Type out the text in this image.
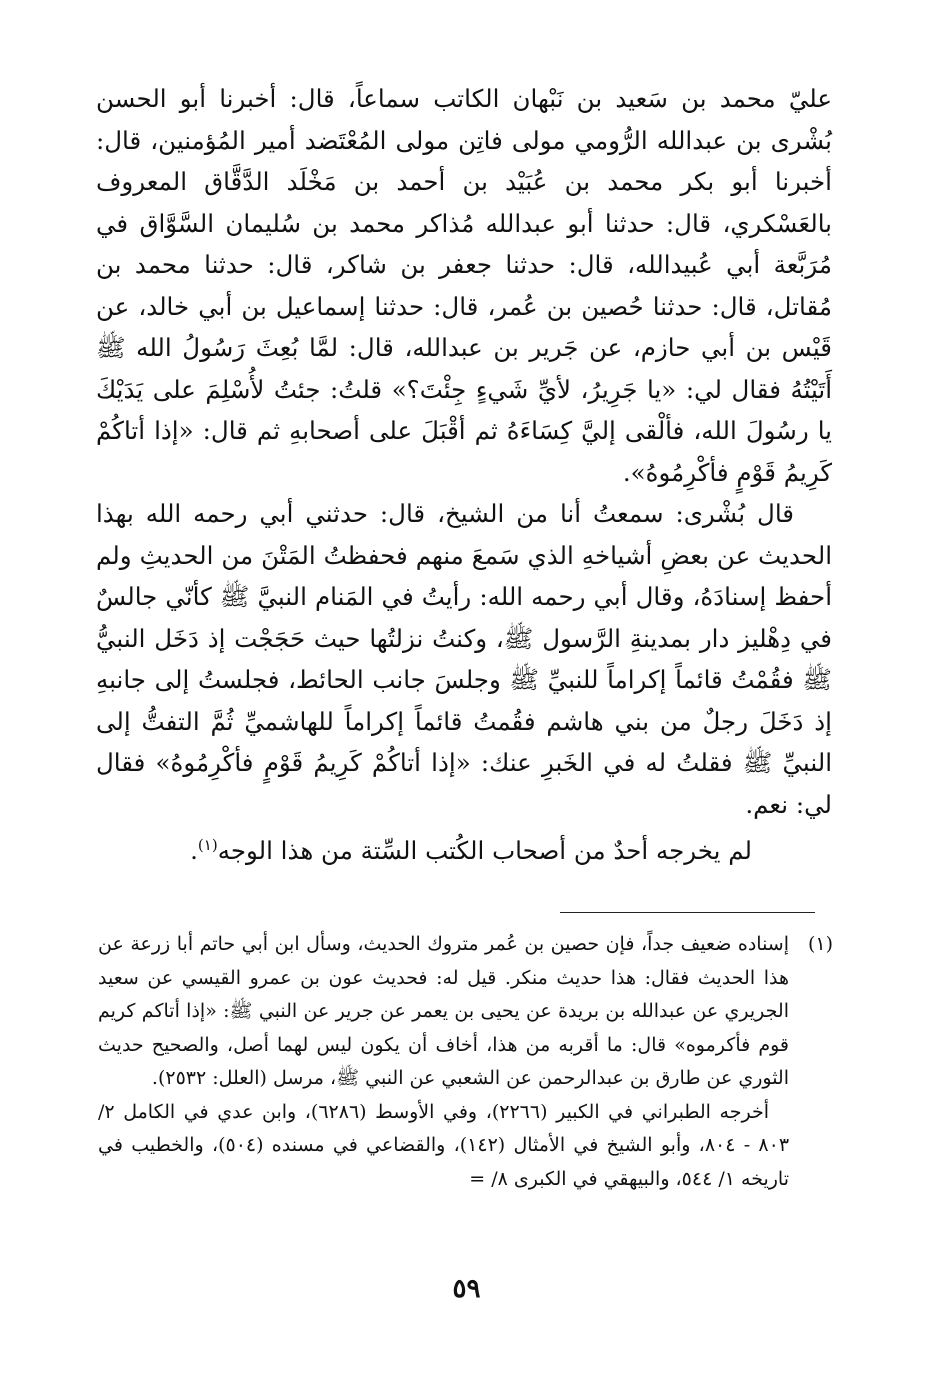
عليّ محمد بن سَعيد بن نَبْهان الكاتب سماعاً، قال: أخبرنا أبو الحسن بُشْرى بن عبدالله الرُّومي مولى فاتِن مولى المُعْتَضد أمير المُؤمنين، قال: أخبرنا أبو بكر محمد بن عُبَيْد بن أحمد بن مَخْلَد الدَّقَّاق المعروف بالعَسْكري، قال: حدثنا أبو عبدالله مُذاكر محمد بن سُليمان السَّوَّاق في مُرَبَّعة أبي عُبيدالله، قال: حدثنا جعفر بن شاكر، قال: حدثنا محمد بن مُقاتل، قال: حدثنا حُصين بن عُمر، قال: حدثنا إسماعيل بن أبي خالد، عن قَيْس بن أبي حازم، عن جَرير بن عبدالله، قال: لمَّا بُعِثَ رَسُولُ الله ﷺ أَتَيْتُهُ فقال لي: «يا جَرِيرُ، لأيِّ شَيءٍ جِئْتَ؟» قلتُ: جئتُ لأُسْلِمَ على يَدَيْكَ يا رسُولَ الله، فألْقى إليَّ كِسَاءَهُ ثم أقْبَلَ على أصحابهِ ثم قال: «إذا أتاكُمْ كَرِيمُ قَوْمٍ فأكْرِمُوهُ».

قال بُشْرى: سمعتُ أنا من الشيخ، قال: حدثني أبي رحمه الله بهذا الحديث عن بعضِ أشياخهِ الذي سَمعَ منهم فحفظتُ المَتْنَ من الحديثِ ولم أحفظ إسنادَهُ، وقال أبي رحمه الله: رأيتُ في المَنام النبيَّ ﷺ كأنّي جالسٌ في دِهْليز دار بمدينةِ الرَّسول ﷺ، وكنتُ نزلتُها حيث حَجَجْت إذ دَخَل النبيُّ ﷺ فقُمْتُ قائماً إكراماً للنبيِّ ﷺ وجلسَ جانب الحائط، فجلستُ إلى جانبهِ إذ دَخَلَ رجلٌ من بني هاشم فقُمتُ قائماً إكراماً للهاشميِّ ثُمَّ التفتُّ إلى النبيِّ ﷺ فقلتُ له في الخَبرِ عنك: «إذا أتاكُمْ كَرِيمُ قَوْمٍ فأكْرِمُوهُ» فقال لي: نعم.

لم يخرجه أحدٌ من أصحاب الكُتب السِّتة من هذا الوجه$^{(١)}$.

(١)

إسناده ضعيف جداً، فإن حصين بن عُمر متروك الحديث، وسأل ابن أبي حاتم أبا زرعة عن هذا الحديث فقال: هذا حديث منكر. قيل له: فحديث عون بن عمرو القيسي عن سعيد الجريري عن عبدالله بن بريدة عن يحيى بن يعمر عن جرير عن النبي ﷺ: «إذا أتاكم كريم قوم فأكرموه» قال: ما أقربه من هذا، أخاف أن يكون ليس لهما أصل، والصحيح حديث الثوري عن طارق بن عبدالرحمن عن الشعبي عن النبي ﷺ، مرسل (العلل: ٢٥٣٢).

أخرجه الطبراني في الكبير (٢٢٦٦)، وفي الأوسط (٦٢٨٦)، وابن عدي في الكامل ٢/ ٨٠٣ - ٨٠٤، وأبو الشيخ في الأمثال (١٤٢)، والقضاعي في مسنده (٥٠٤)، والخطيب في تاريخه ١/ ٥٤٤، والبيهقي في الكبرى ٨/ =

٥٩
